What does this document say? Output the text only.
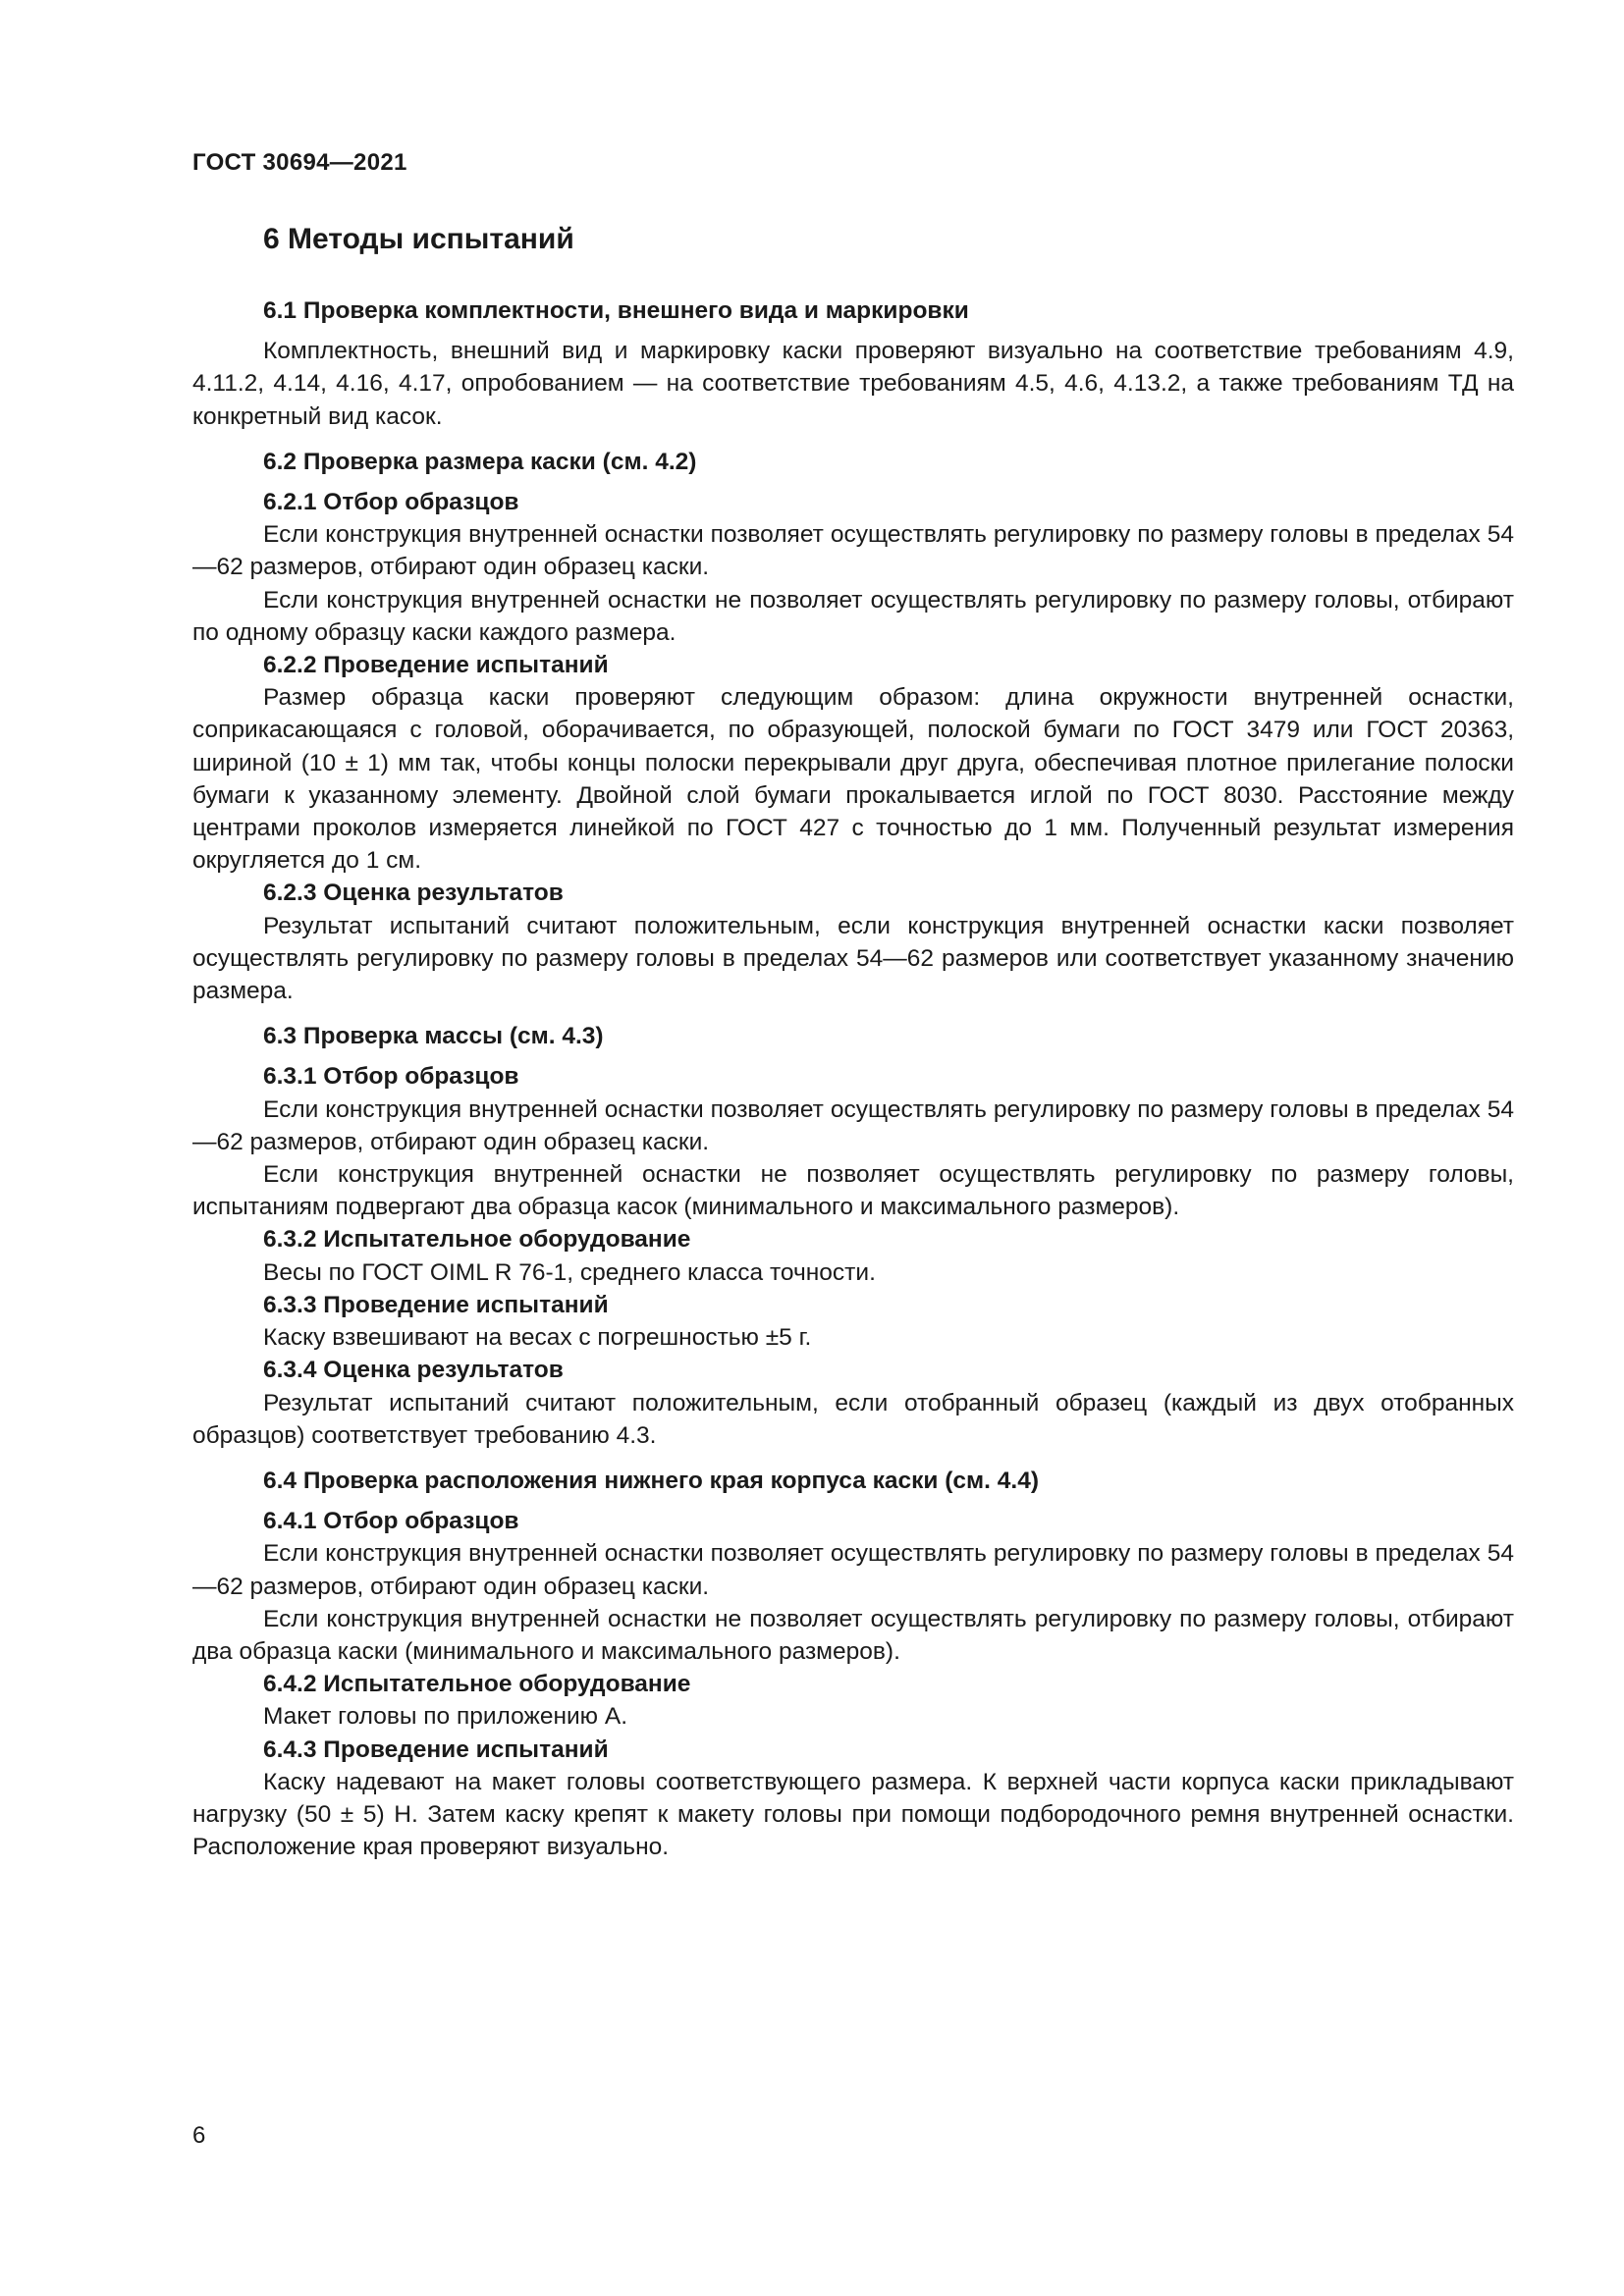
ГОСТ 30694—2021
6 Методы испытаний
6.1 Проверка комплектности, внешнего вида и маркировки

Комплектность, внешний вид и маркировку каски проверяют визуально на соответствие требованиям 4.9, 4.11.2, 4.14, 4.16, 4.17, опробованием — на соответствие требованиям 4.5, 4.6, 4.13.2, а также требованиям ТД на конкретный вид касок.

6.2 Проверка размера каски (см. 4.2)
6.2.1 Отбор образцов

Если конструкция внутренней оснастки позволяет осуществлять регулировку по размеру головы в пределах 54—62 размеров, отбирают один образец каски.

Если конструкция внутренней оснастки не позволяет осуществлять регулировку по размеру головы, отбирают по одному образцу каски каждого размера.

6.2.2 Проведение испытаний

Размер образца каски проверяют следующим образом: длина окружности внутренней оснастки, соприкасающаяся с головой, оборачивается, по образующей, полоской бумаги по ГОСТ 3479 или ГОСТ 20363, шириной (10 ± 1) мм так, чтобы концы полоски перекрывали друг друга, обеспечивая плотное прилегание полоски бумаги к указанному элементу. Двойной слой бумаги прокалывается иглой по ГОСТ 8030. Расстояние между центрами проколов измеряется линейкой по ГОСТ 427 с точностью до 1 мм. Полученный результат измерения округляется до 1 см.

6.2.3 Оценка результатов

Результат испытаний считают положительным, если конструкция внутренней оснастки каски позволяет осуществлять регулировку по размеру головы в пределах 54—62 размеров или соответствует указанному значению размера.

6.3 Проверка массы (см. 4.3)
6.3.1 Отбор образцов

Если конструкция внутренней оснастки позволяет осуществлять регулировку по размеру головы в пределах 54—62 размеров, отбирают один образец каски.

Если конструкция внутренней оснастки не позволяет осуществлять регулировку по размеру головы, испытаниям подвергают два образца касок (минимального и максимального размеров).

6.3.2 Испытательное оборудование

Весы по ГОСТ OIML R 76-1, среднего класса точности.

6.3.3 Проведение испытаний

Каску взвешивают на весах с погрешностью ±5 г.

6.3.4 Оценка результатов

Результат испытаний считают положительным, если отобранный образец (каждый из двух отобранных образцов) соответствует требованию 4.3.

6.4 Проверка расположения нижнего края корпуса каски (см. 4.4)
6.4.1 Отбор образцов

Если конструкция внутренней оснастки позволяет осуществлять регулировку по размеру головы в пределах 54—62 размеров, отбирают один образец каски.

Если конструкция внутренней оснастки не позволяет осуществлять регулировку по размеру головы, отбирают два образца каски (минимального и максимального размеров).

6.4.2 Испытательное оборудование

Макет головы по приложению А.

6.4.3 Проведение испытаний

Каску надевают на макет головы соответствующего размера. К верхней части корпуса каски прикладывают нагрузку (50 ± 5) Н. Затем каску крепят к макету головы при помощи подбородочного ремня внутренней оснастки. Расположение края проверяют визуально.

6
